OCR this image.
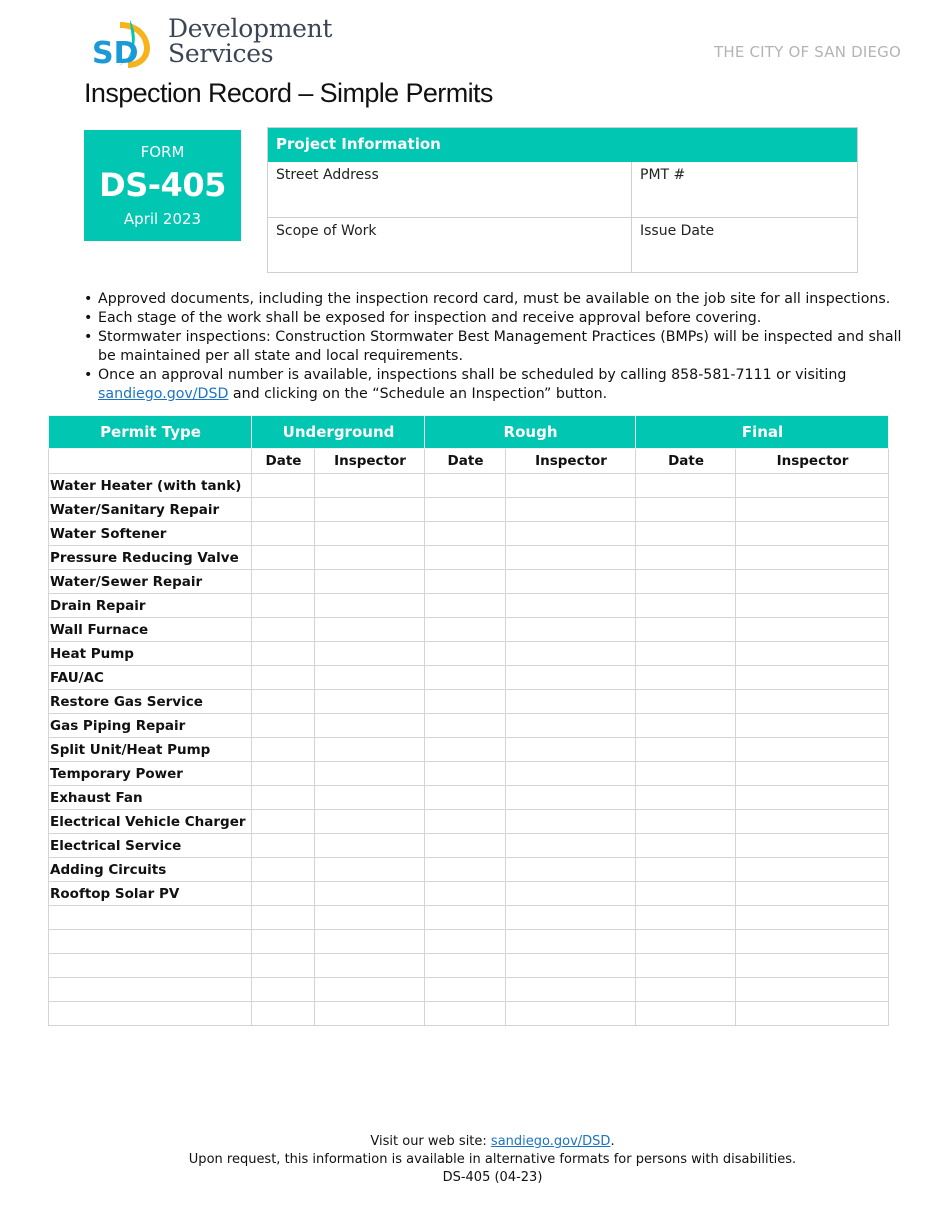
SD
Development
Services	THE CITY OF SAN DIEGO
Inspection Record – Simple Permits
FORM
DS-405
April 2023
Project Information
Street Address	PMT #
Scope of Work	Issue Date
• Approved documents, including the inspection record card, must be available on the job site for all inspections.
• Each stage of the work shall be exposed for inspection and receive approval before covering.
• Stormwater inspections: Construction Stormwater Best Management Practices (BMPs) will be inspected and shall be maintained per all state and local requirements.
• Once an approval number is available, inspections shall be scheduled by calling 858-581-7111 or visiting sandiego.gov/DSD and clicking on the “Schedule an Inspection” button.
Permit Type	Underground		Rough		Final	
	Date	Inspector	Date	Inspector	Date	Inspector
Water Heater (with tank)						
Water/Sanitary Repair						
Water Softener						
Pressure Reducing Valve						
Water/Sewer Repair						
Drain Repair						
Wall Furnace						
Heat Pump						
FAU/AC						
Restore Gas Service						
Gas Piping Repair						
Split Unit/Heat Pump						
Temporary Power						
Exhaust Fan						
Electrical Vehicle Charger						
Electrical Service						
Adding Circuits						
Rooftop Solar PV						

Visit our web site: sandiego.gov/DSD.
Upon request, this information is available in alternative formats for persons with disabilities.
DS-405 (04-23)
